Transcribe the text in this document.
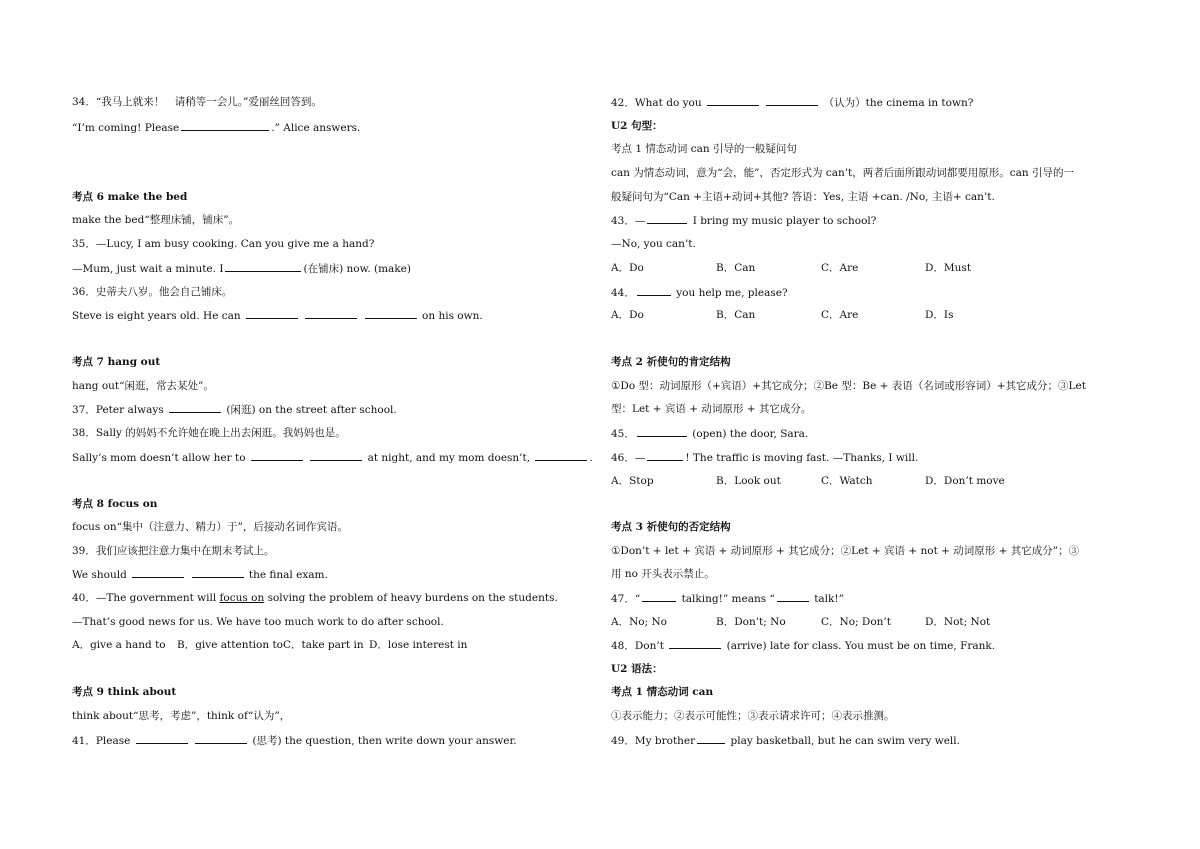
34．“我马上就来！　请稍等一会儿。”爱丽丝回答到。
“I’m coming! Please	.” Alice answers.
考点 6 make the bed
make the bed“整理床铺，铺床”。
35．—Lucy, I am busy cooking. Can you give me a hand?
—Mum, just wait a minute. I	(在铺床) now. (make)
36．史蒂夫八岁。他会自己铺床。
Steve is eight years old. He can	on his own.
考点 7 hang out
hang out“闲逛，常去某处”。
37．Peter always	(闲逛) on the street after school.
38．Sally 的妈妈不允许她在晚上出去闲逛。我妈妈也是。
Sally’s mom doesn’t allow her to	at night, and my mom doesn’t,	.
考点 8 focus on
focus on“集中（注意力、精力）于”，后接动名词作宾语。
39．我们应该把注意力集中在期末考试上。
We should	the final exam.
40．—The government will focus on solving the problem of heavy burdens on the students.
—That’s good news for us. We have too much work to do after school.
A．give a hand to B．give attention toC．take part in D．lose interest in
考点 9 think about
think about“思考，考虑”，think of“认为”，
41．Please	(思考) the question, then write down your answer.
42．What do you	（认为）the cinema in town?
U2 句型：
考点 1 情态动词 can 引导的一般疑问句
can 为情态动词，意为“会，能”，否定形式为 can’t，两者后面所跟动词都要用原形。can 引导的一
般疑问句为“Can +主语+动词+其他? 答语：Yes, 主语 +can. /No, 主语+ can’t.
43．—	I bring my music player to school?
—No, you can’t.
A．Do	B．Can	C．Are	D．Must
44．	you help me, please?
A．Do	B．Can	C．Are	D．Is
考点 2 祈使句的肯定结构
①Do 型：动词原形（+宾语）+其它成分；②Be 型：Be + 表语（名词或形容词）+其它成分；③Let
型：Let + 宾语 + 动词原形 + 其它成分。
45．	(open) the door, Sara.
46．—	! The traffic is moving fast. —Thanks, I will.
A．Stop	B．Look out	C．Watch	D．Don’t move
考点 3 祈使句的否定结构
①Don’t + let + 宾语 + 动词原形 + 其它成分；②Let + 宾语 + not + 动词原形 + 其它成分”；③
用 no 开头表示禁止。
47．“	talking!” means “	talk!”
A．No; No	B．Don’t; No	C．No; Don’t	D．Not; Not
48．Don’t	(arrive) late for class. You must be on time, Frank.
U2 语法：
考点 1 情态动词 can
①表示能力；②表示可能性；③表示请求许可；④表示推测。
49．My brother	play basketball, but he can swim very well.
